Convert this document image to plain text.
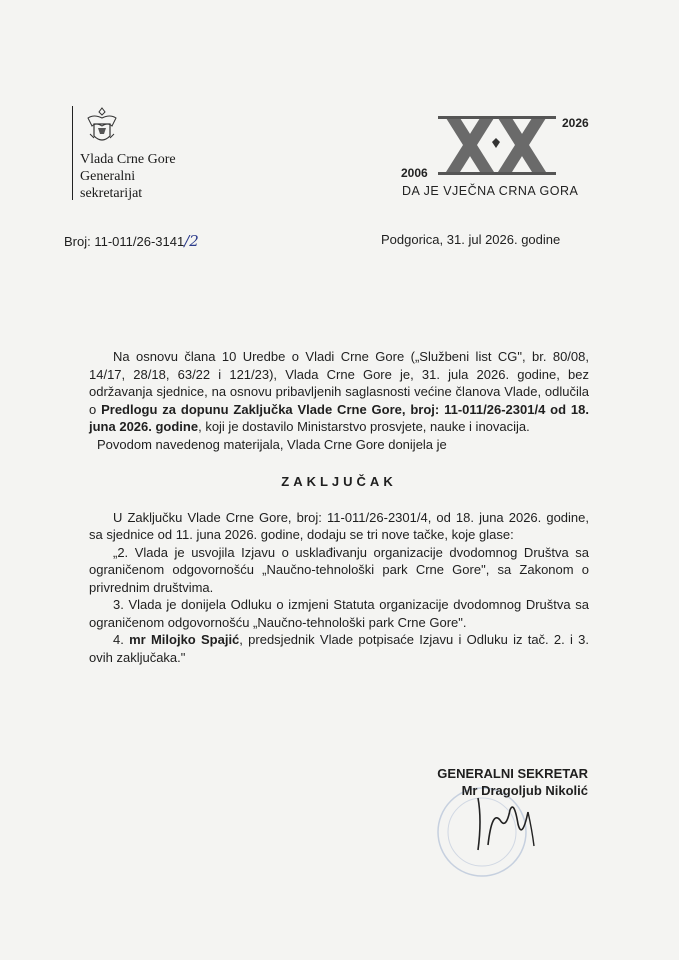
Vlada Crne Gore
Generalni
sekretarijat
2026
2006
DA JE VJEČNA CRNA GORA
Broj: 11-011/26-3141/2	Podgorica, 31. jul 2026. godine
Na osnovu člana 10 Uredbe o Vladi Crne Gore („Službeni list CG", br. 80/08, 14/17, 28/18, 63/22 i 121/23), Vlada Crne Gore je, 31. jula 2026. godine, bez održavanja sjednice, na osnovu pribavljenih saglasnosti većine članova Vlade, odlučila o Predlogu za dopunu Zaključka Vlade Crne Gore, broj: 11-011/26-2301/4 od 18. juna 2026. godine, koji je dostavilo Ministarstvo prosvjete, nauke i inovacija.
Povodom navedenog materijala, Vlada Crne Gore donijela je
ZAKLJUČAK
U Zaključku Vlade Crne Gore, broj: 11-011/26-2301/4, od 18. juna 2026. godine, sa sjednice od 11. juna 2026. godine, dodaju se tri nove tačke, koje glase:
„2. Vlada je usvojila Izjavu o usklađivanju organizacije dvodomnog Društva sa ograničenom odgovornošću „Naučno-tehnološki park Crne Gore", sa Zakonom o privrednim društvima.
3. Vlada je donijela Odluku o izmjeni Statuta organizacije dvodomnog Društva sa ograničenom odgovornošću „Naučno-tehnološki park Crne Gore".
4. mr Milojko Spajić, predsjednik Vlade potpisaće Izjavu i Odluku iz tač. 2. i 3. ovih zaključaka."
GENERALNI SEKRETAR
Mr Dragoljub Nikolić
